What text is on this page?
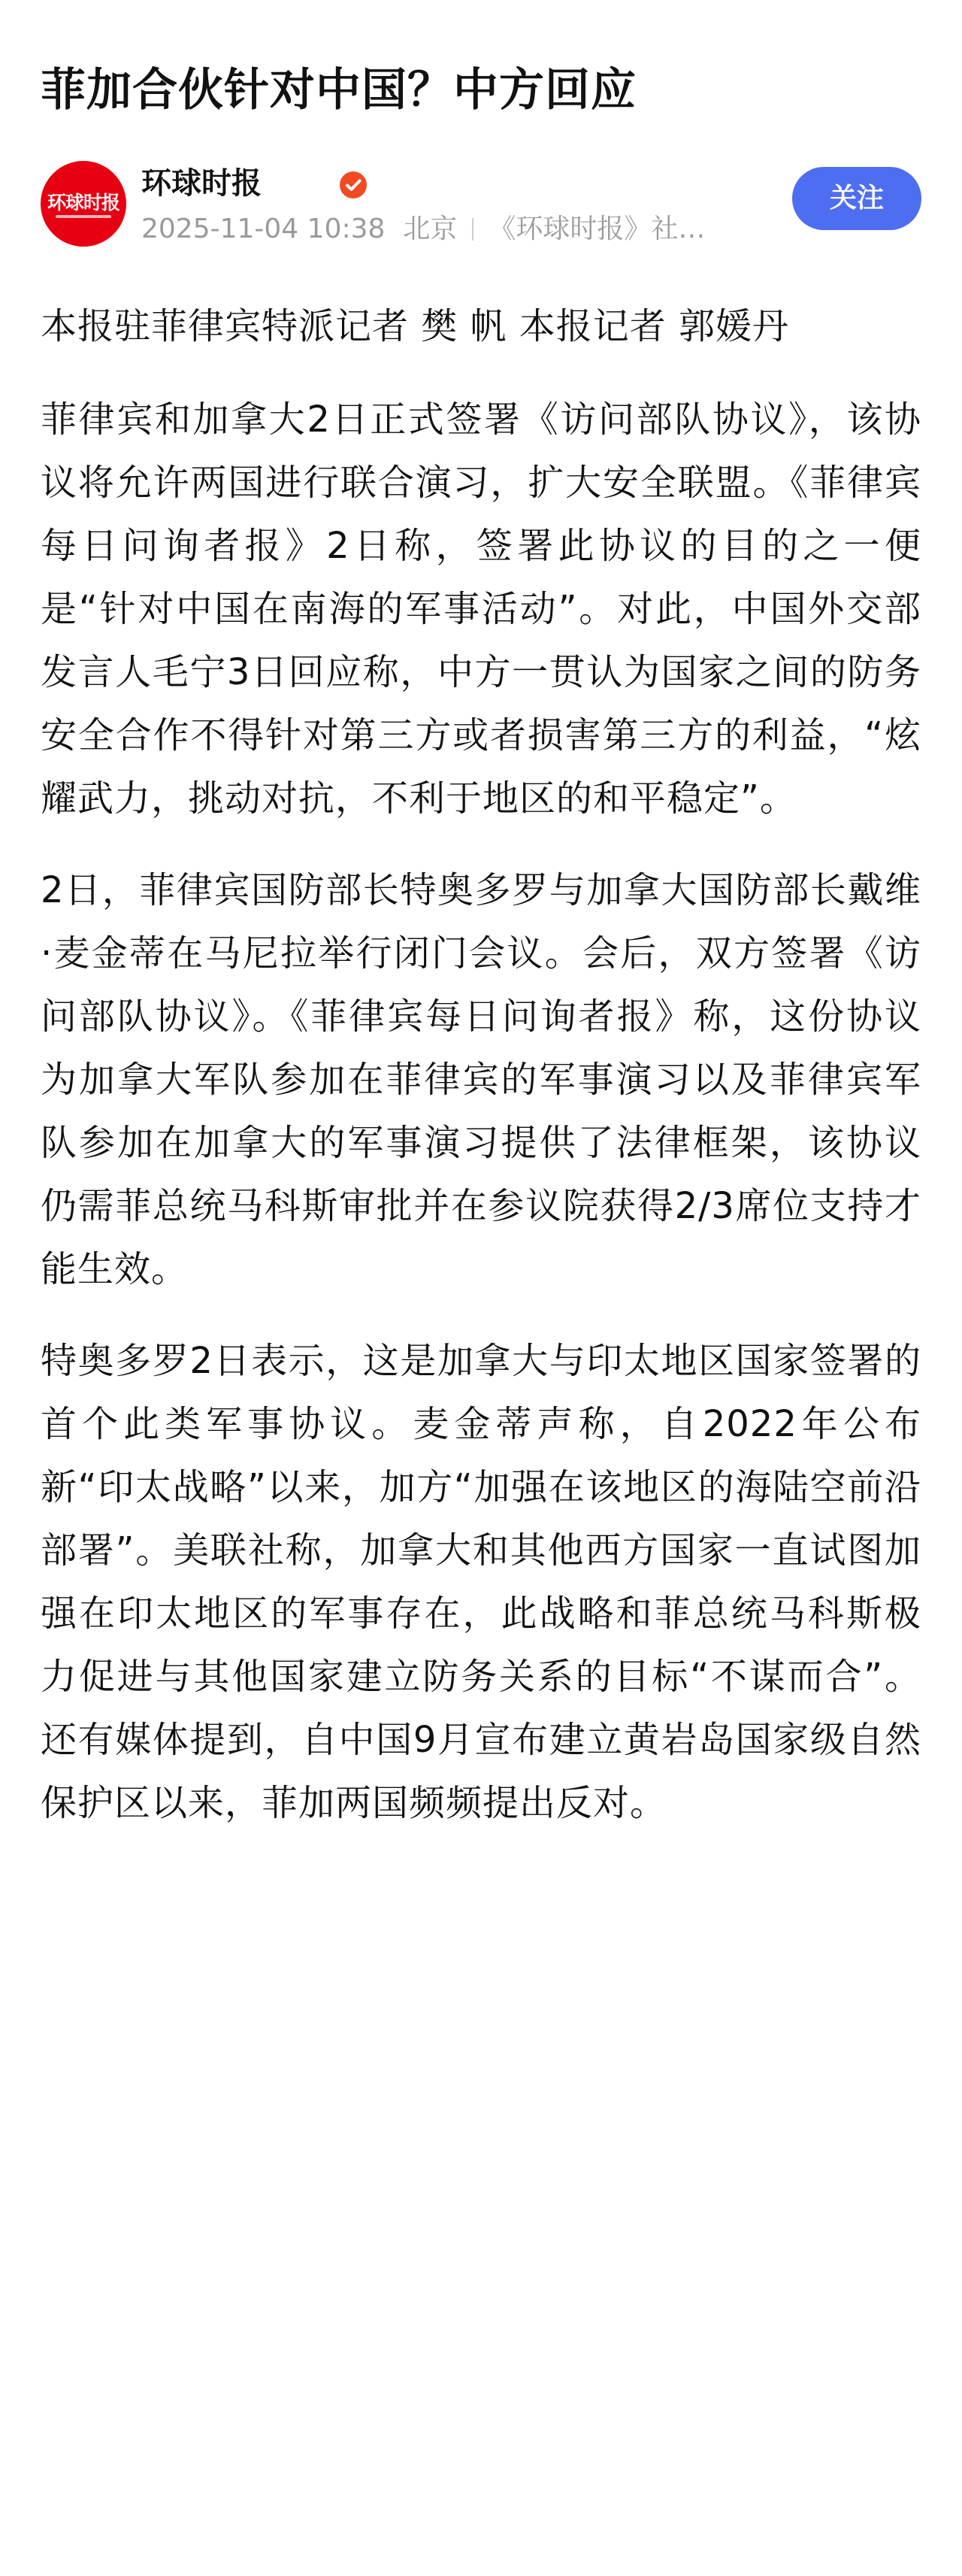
菲加合伙针对中国？中方回应
环球时报
环球时报
2025-11-04 10:38 北京 《环球时报》社…
关注

本报驻菲律宾特派记者 樊 帆 本报记者 郭媛丹

菲律宾和加拿大2日正式签署《访问部队协议》，该协议将允许两国进行联合演习，扩大安全联盟。《菲律宾每日问询者报》2日称，签署此协议的目的之一便是“针对中国在南海的军事活动”。对此，中国外交部发言人毛宁3日回应称，中方一贯认为国家之间的防务安全合作不得针对第三方或者损害第三方的利益，“炫耀武力，挑动对抗，不利于地区的和平稳定”。

2日，菲律宾国防部长特奥多罗与加拿大国防部长戴维·麦金蒂在马尼拉举行闭门会议。会后，双方签署《访问部队协议》。《菲律宾每日问询者报》称，这份协议为加拿大军队参加在菲律宾的军事演习以及菲律宾军队参加在加拿大的军事演习提供了法律框架，该协议仍需菲总统马科斯审批并在参议院获得2/3席位支持才能生效。

特奥多罗2日表示，这是加拿大与印太地区国家签署的首个此类军事协议。麦金蒂声称，自2022年公布新“印太战略”以来，加方“加强在该地区的海陆空前沿部署”。美联社称，加拿大和其他西方国家一直试图加强在印太地区的军事存在，此战略和菲总统马科斯极力促进与其他国家建立防务关系的目标“不谋而合”。还有媒体提到，自中国9月宣布建立黄岩岛国家级自然保护区以来，菲加两国频频提出反对。
